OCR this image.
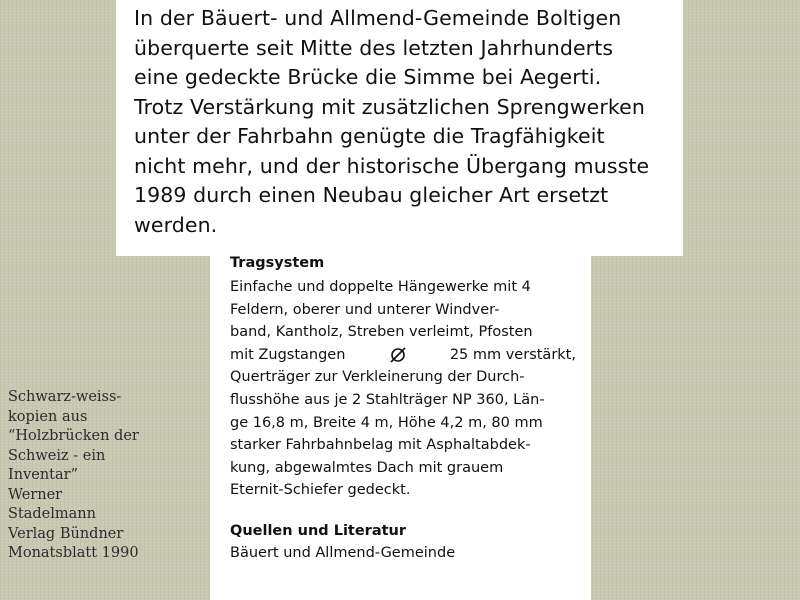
In der Bäuert- und Allmend-Gemeinde Boltigen
überquerte seit Mitte des letzten Jahrhunderts
eine gedeckte Brücke die Simme bei Aegerti.
Trotz Verstärkung mit zusätzlichen Sprengwerken
unter der Fahrbahn genügte die Tragfähigkeit
nicht mehr, und der historische Übergang musste
1989 durch einen Neubau gleicher Art ersetzt
werden.

Tragsystem
Einfache und doppelte Hängewerke mit 4
Feldern, oberer und unterer Windver-
band, Kantholz, Streben verleimt, Pfosten
mit Zugstangen	25 mm verstärkt,
Querträger zur Verkleinerung der Durch-
flusshöhe aus je 2 Stahlträger NP 360, Län-
ge 16,8 m, Breite 4 m, Höhe 4,2 m, 80 mm
starker Fahrbahnbelag mit Asphaltabdek-
kung, abgewalmtes Dach mit grauem
Eternit-Schiefer gedeckt.
Quellen und Literatur
Bäuert und Allmend-Gemeinde
Schwarz-weiss-
kopien aus
“Holzbrücken der
Schweiz - ein
Inventar”
Werner
Stadelmann
Verlag Bündner
Monatsblatt 1990
